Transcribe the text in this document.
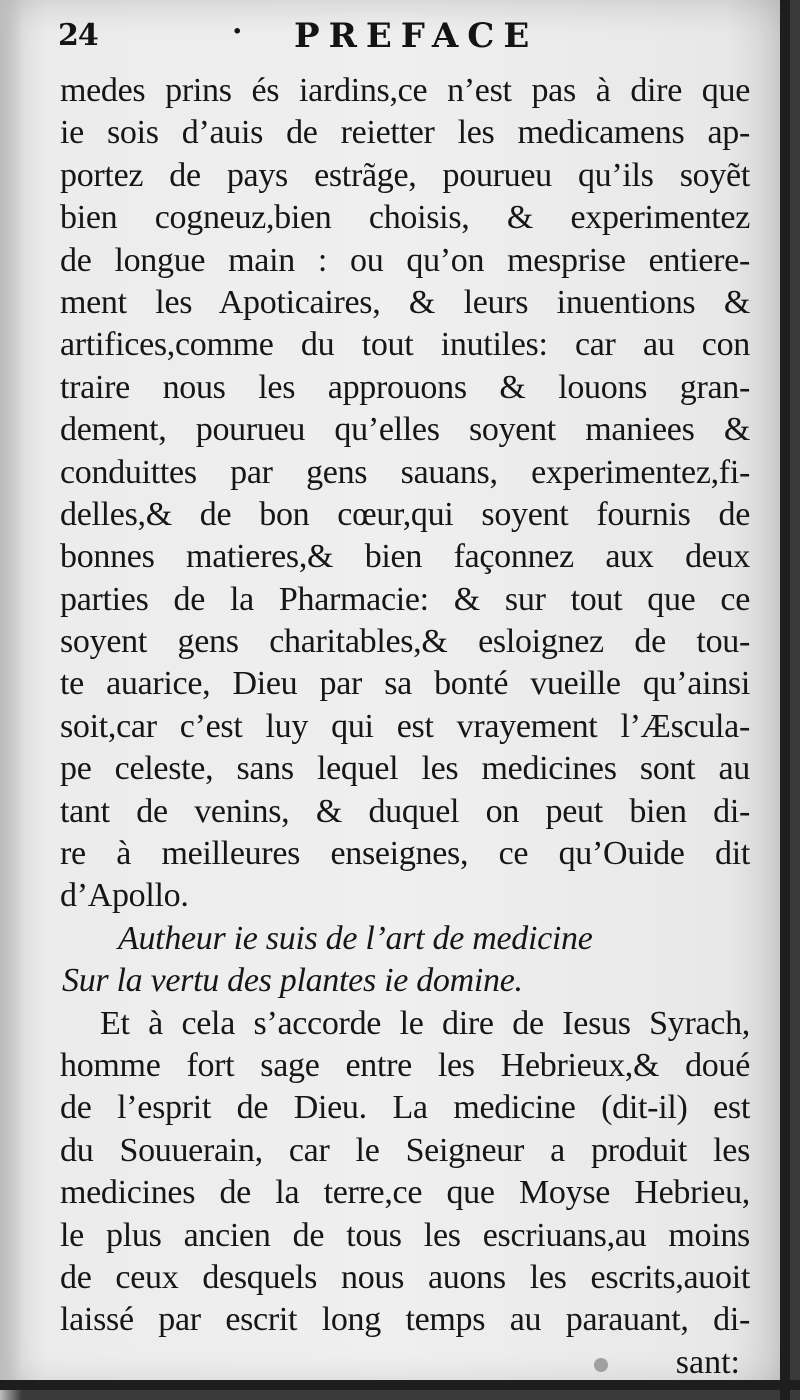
24	· PREFACE
medes prins és iardins,ce n’est pas à dire que
ie sois d’auis de reietter les medicamens ap-
portez de pays estrãge, pourueu qu’ils soyẽt
bien cogneuz,bien choisis, & experimentez
de longue main : ou qu’on mesprise entiere-
ment les Apoticaires, & leurs inuentions &
artifices,comme du tout inutiles: car au con
traire nous les approuons & louons gran-
dement, pourueu qu’elles soyent maniees &
conduittes par gens sauans, experimentez,fi-
delles,& de bon cœur,qui soyent fournis de
bonnes matieres,& bien façonnez aux deux
parties de la Pharmacie: & sur tout que ce
soyent gens charitables,& esloignez de tou-
te auarice, Dieu par sa bonté vueille qu’ainsi
soit,car c’est luy qui est vrayement l’Æscula-
pe celeste, sans lequel les medicines sont au
tant de venins, & duquel on peut bien di-
re à meilleures enseignes, ce qu’Ouide dit
d’Apollo.
Autheur ie suis de l’art de medicine
Sur la vertu des plantes ie domine.
Et à cela s’accorde le dire de Iesus Syrach,
homme fort sage entre les Hebrieux,& doué
de l’esprit de Dieu. La medicine (dit-il) est
du Souuerain, car le Seigneur a produit les
medicines de la terre,ce que Moyse Hebrieu,
le plus ancien de tous les escriuans,au moins
de ceux desquels nous auons les escrits,auoit
laissé par escrit long temps au parauant, di-
sant:
